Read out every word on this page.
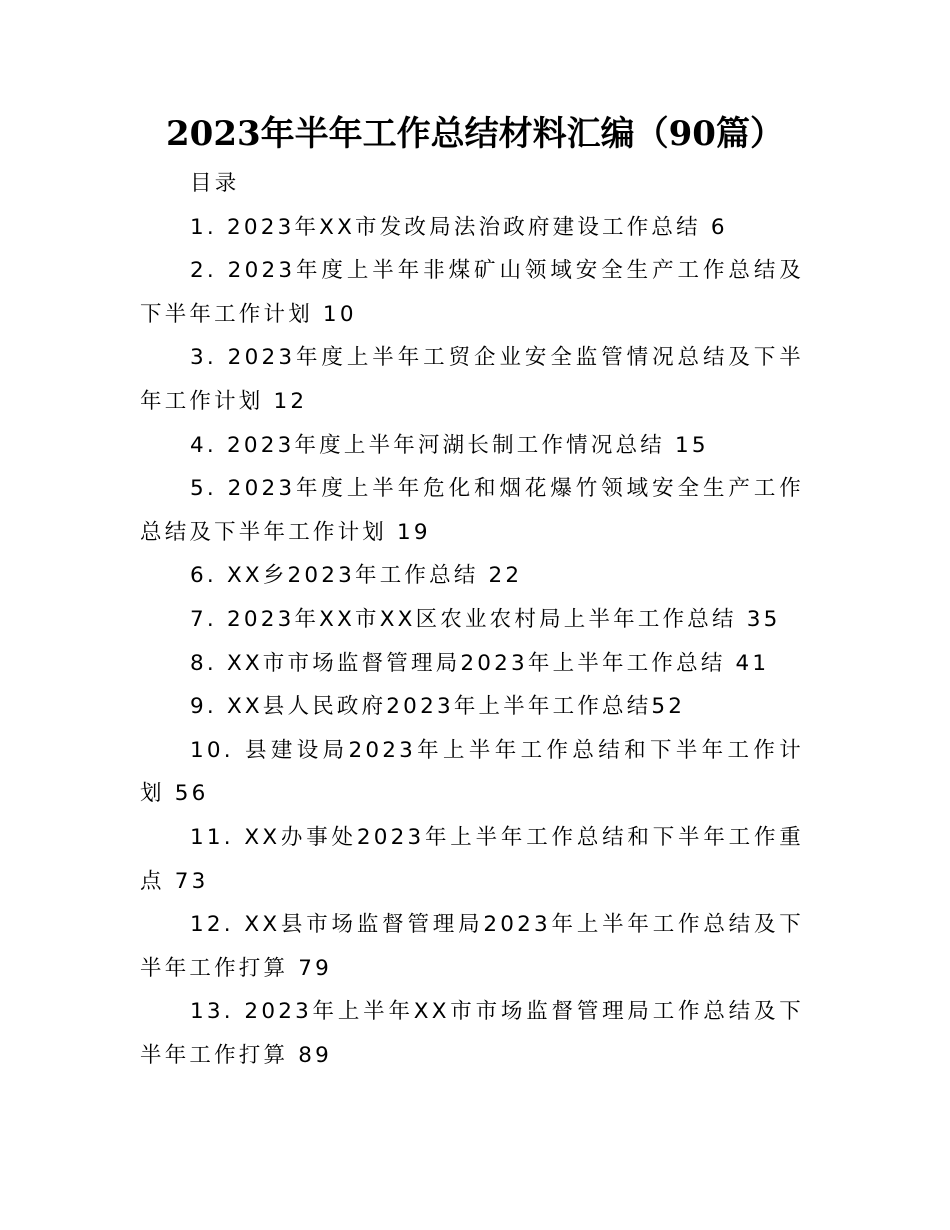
2023年半年工作总结材料汇编（90篇）

目录

1. 2023年XX市发改局法治政府建设工作总结 6

2. 2023年度上半年非煤矿山领域安全生产工作总结及下半年工作计划 10

3. 2023年度上半年工贸企业安全监管情况总结及下半年工作计划 12

4. 2023年度上半年河湖长制工作情况总结 15

5. 2023年度上半年危化和烟花爆竹领域安全生产工作总结及下半年工作计划 19

6. XX乡2023年工作总结 22

7. 2023年XX市XX区农业农村局上半年工作总结 35

8. XX市市场监督管理局2023年上半年工作总结 41

9. XX县人民政府2023年上半年工作总结52

10. 县建设局2023年上半年工作总结和下半年工作计划 56

11. XX办事处2023年上半年工作总结和下半年工作重点 73

12. XX县市场监督管理局2023年上半年工作总结及下半年工作打算 79

13. 2023年上半年XX市市场监督管理局工作总结及下半年工作打算 89
